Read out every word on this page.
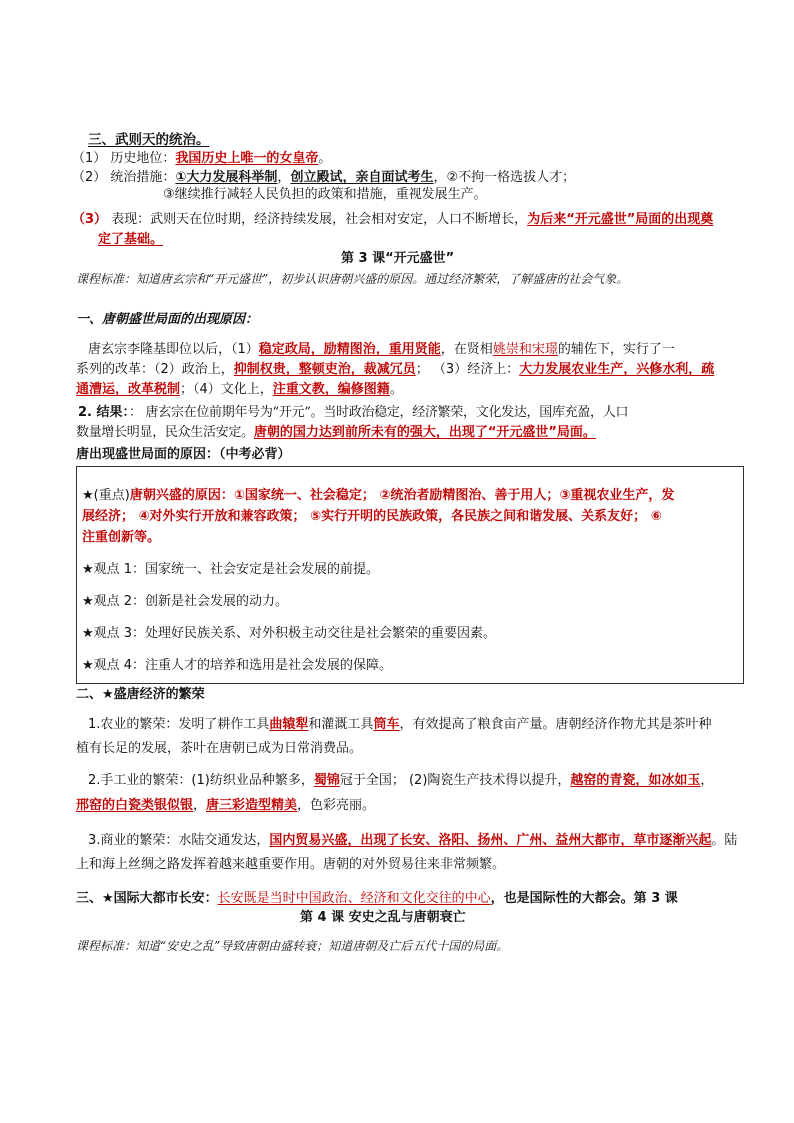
三、武则天的统治。
（1） 历史地位：我国历史上唯一的女皇帝。
（2） 统治措施：①大力发展科举制，创立殿试，亲自面试考生，②不拘一格选拔人才；
③继续推行减轻人民负担的政策和措施，重视发展生产。
（3） 表现：武则天在位时期，经济持续发展，社会相对安定，人口不断增长，为后来“开元盛世”局面的出现奠
定了基础。
第 3 课“开元盛世”
课程标准：知道唐玄宗和“开元盛世”，初步认识唐朝兴盛的原因。通过经济繁荣，了解盛唐的社会气象。
一、唐朝盛世局面的出现原因：
唐玄宗李隆基即位以后，（1）稳定政局，励精图治，重用贤能，在贤相姚崇和宋璟的辅佐下，实行了一
系列的改革：（2）政治上，抑制权贵，整顿吏治，裁减冗员； （3）经济上：大力发展农业生产，兴修水利，疏
通漕运，改革税制；（4）文化上，注重文教，编修图籍。
2. 结果：： 唐玄宗在位前期年号为“开元”。当时政治稳定，经济繁荣，文化发达，国库充盈，人口
数量增长明显，民众生活安定。唐朝的国力达到前所未有的强大，出现了“开元盛世”局面。
唐出现盛世局面的原因：（中考必背）
★(重点)唐朝兴盛的原因：①国家统一、社会稳定； ②统治者励精图治、善于用人；③重视农业生产，发
展经济； ④对外实行开放和兼容政策； ⑤实行开明的民族政策，各民族之间和谐发展、关系友好； ⑥
注重创新等。
★观点 1：国家统一、社会安定是社会发展的前提。
★观点 2：创新是社会发展的动力。
★观点 3：处理好民族关系、对外积极主动交往是社会繁荣的重要因素。
★观点 4：注重人才的培养和选用是社会发展的保障。
二、★盛唐经济的繁荣
1.农业的繁荣：发明了耕作工具曲辕犁和灌溉工具筒车，有效提高了粮食亩产量。唐朝经济作物尤其是茶叶种
植有长足的发展，茶叶在唐朝已成为日常消费品。
2.手工业的繁荣：(1)纺织业品种繁多，蜀锦冠于全国； (2)陶瓷生产技术得以提升，越窑的青瓷，如冰如玉，
邢窑的白瓷类银似银，唐三彩造型精美，色彩亮丽。
3.商业的繁荣：水陆交通发达，国内贸易兴盛，出现了长安、洛阳、扬州、广州、益州大都市，草市逐渐兴起。陆
上和海上丝绸之路发挥着越来越重要作用。唐朝的对外贸易往来非常频繁。
三、★国际大都市长安：长安既是当时中国政治、经济和文化交往的中心，也是国际性的大都会。第 3 课
第 4 课 安史之乱与唐朝衰亡
课程标准：知道“安史之乱”导致唐朝由盛转衰；知道唐朝及亡后五代十国的局面。
